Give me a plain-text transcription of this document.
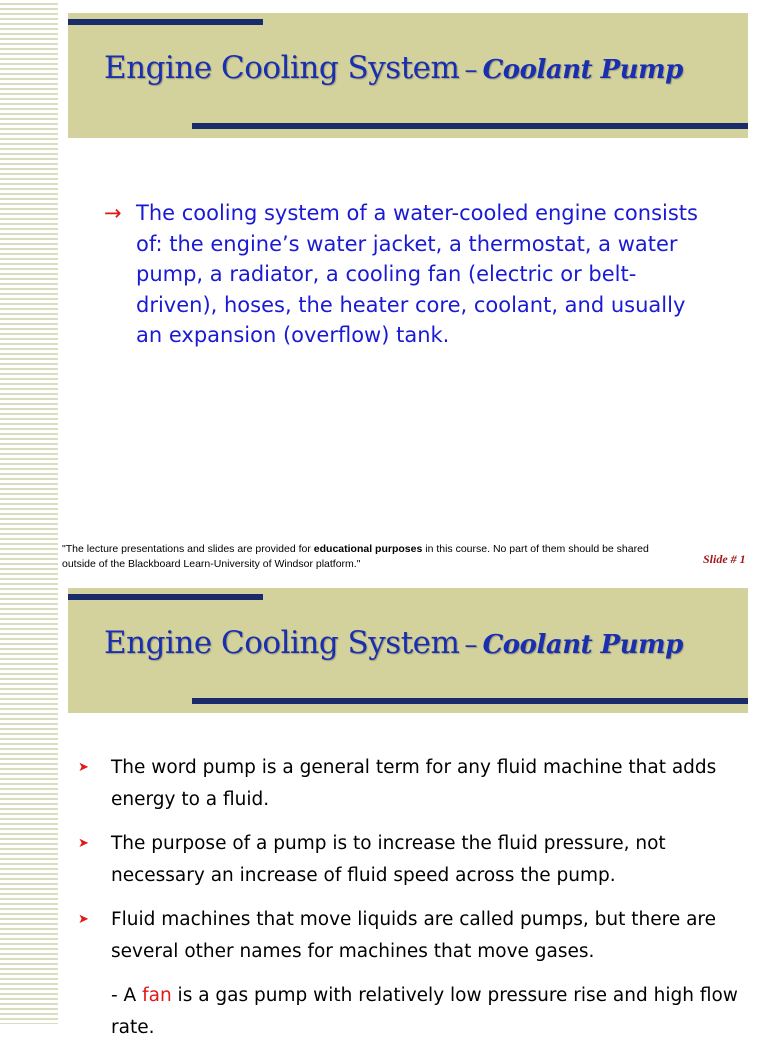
Engine Cooling System – Coolant Pump
→ The cooling system of a water-cooled engine consists of: the engine’s water jacket, a thermostat, a water pump, a radiator, a cooling fan (electric or belt-driven), hoses, the heater core, coolant, and usually an expansion (overflow) tank.
"The lecture presentations and slides are provided for educational purposes in this course. No part of them should be shared outside of the Blackboard Learn-University of Windsor platform."	Slide # 1
Engine Cooling System – Coolant Pump
➤ The word pump is a general term for any fluid machine that adds energy to a fluid.
➤ The purpose of a pump is to increase the fluid pressure, not necessary an increase of fluid speed across the pump.
➤ Fluid machines that move liquids are called pumps, but there are several other names for machines that move gases.
- A fan is a gas pump with relatively low pressure rise and high flow rate.
